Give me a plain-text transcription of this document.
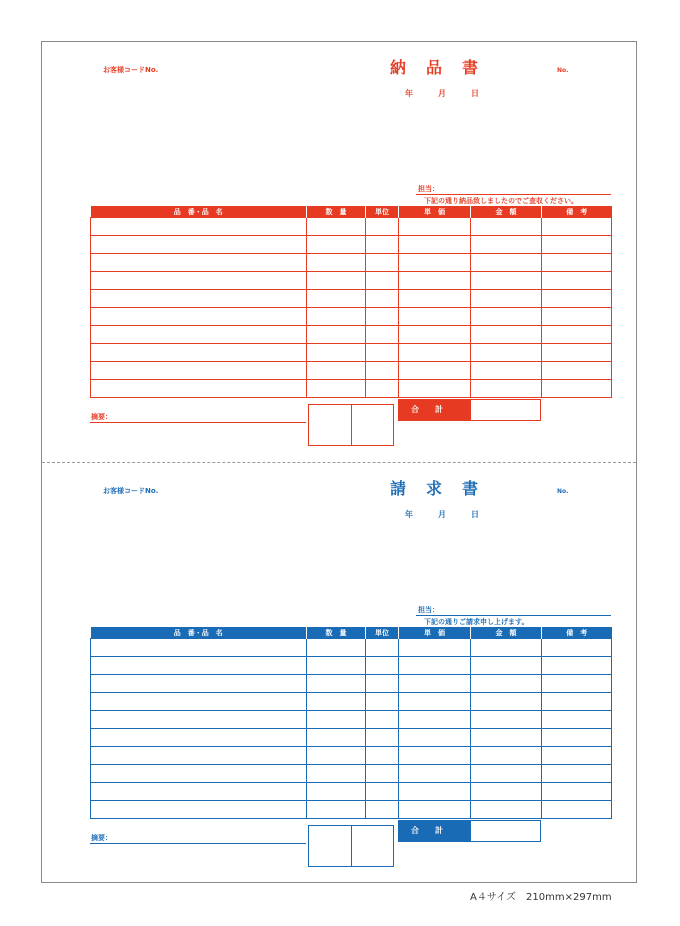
お客様コードNo.	納品書	No.
年	月	日
担当：
下記の通り納品致しましたのでご査収ください。
品　番・品　名	数　量	単位	単　価	金　額	備　考

摘要：
合計
お客様コードNo.	請求書	No.
年	月	日
担当：
下記の通りご請求申し上げます。
品　番・品　名	数　量	単位	単　価	金　額	備　考

摘要：
合計
A４サイズ　210mm×297mm
